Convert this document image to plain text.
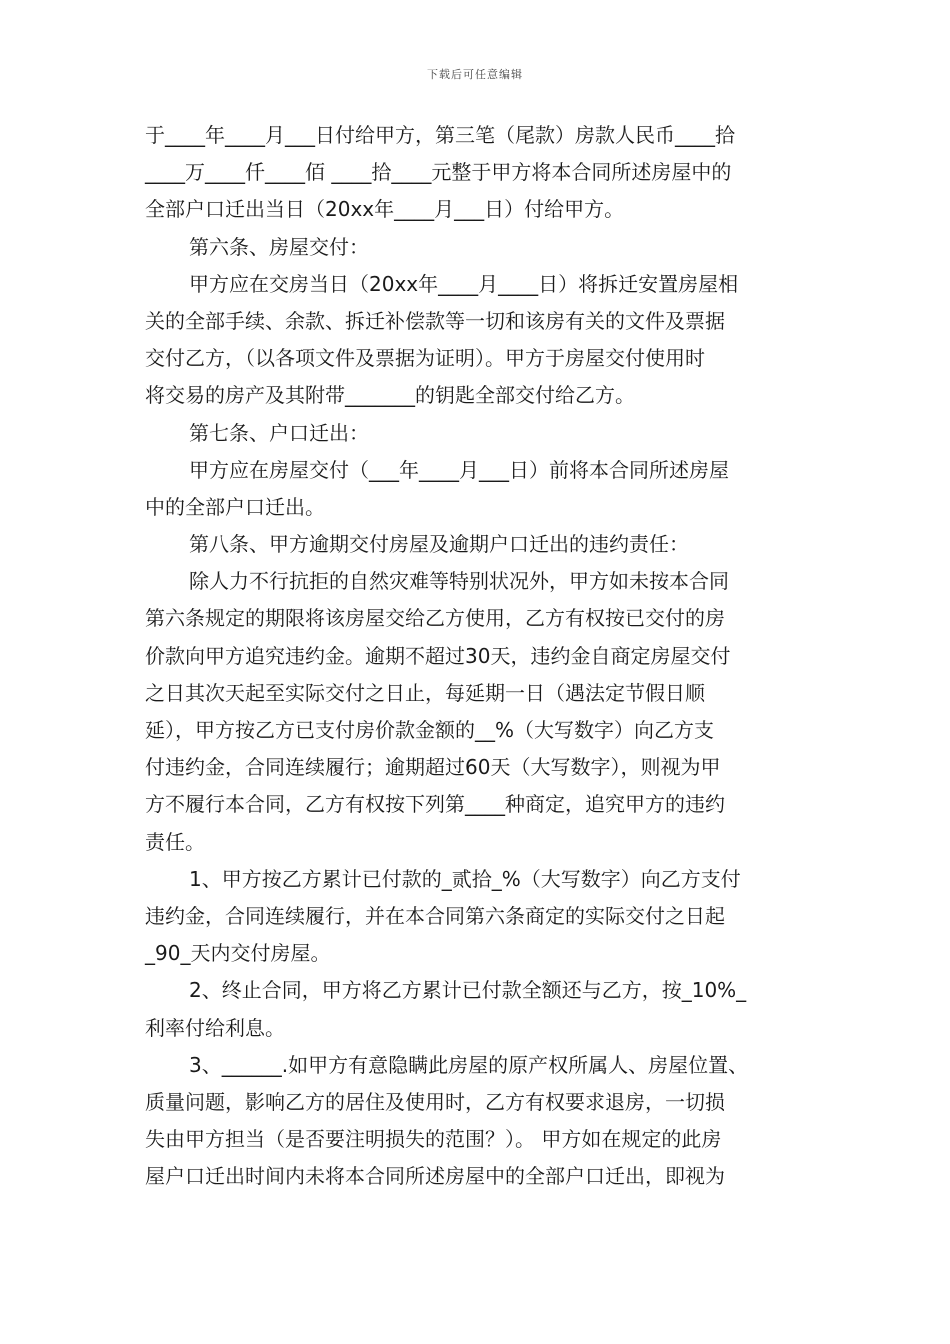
下载后可任意编辑
于____年____月___日付给甲方，第三笔（尾款）房款人民币____拾
____万____仟____佰 ____拾____元整于甲方将本合同所述房屋中的
全部户口迁出当日（20xx年____月___日）付给甲方。
第六条、房屋交付：
甲方应在交房当日（20xx年____月____日）将拆迁安置房屋相
关的全部手续、余款、拆迁补偿款等一切和该房有关的文件及票据
交付乙方，（以各项文件及票据为证明）。甲方于房屋交付使用时
将交易的房产及其附带_______的钥匙全部交付给乙方。
第七条、户口迁出：
甲方应在房屋交付（___年____月___日）前将本合同所述房屋
中的全部户口迁出。
第八条、甲方逾期交付房屋及逾期户口迁出的违约责任：
除人力不行抗拒的自然灾难等特别状况外，甲方如未按本合同
第六条规定的期限将该房屋交给乙方使用，乙方有权按已交付的房
价款向甲方追究违约金。逾期不超过30天，违约金自商定房屋交付
之日其次天起至实际交付之日止，每延期一日（遇法定节假日顺
延），甲方按乙方已支付房价款金额的__%（大写数字）向乙方支
付违约金，合同连续履行；逾期超过60天（大写数字），则视为甲
方不履行本合同，乙方有权按下列第____种商定，追究甲方的违约
责任。
1、甲方按乙方累计已付款的_贰拾_%（大写数字）向乙方支付
违约金，合同连续履行，并在本合同第六条商定的实际交付之日起
_90_天内交付房屋。
2、终止合同，甲方将乙方累计已付款全额还与乙方，按_10%_
利率付给利息。
3、______.如甲方有意隐瞒此房屋的原产权所属人、房屋位置、
质量问题，影响乙方的居住及使用时，乙方有权要求退房，一切损
失由甲方担当（是否要注明损失的范围？）。 甲方如在规定的此房
屋户口迁出时间内未将本合同所述房屋中的全部户口迁出，即视为
